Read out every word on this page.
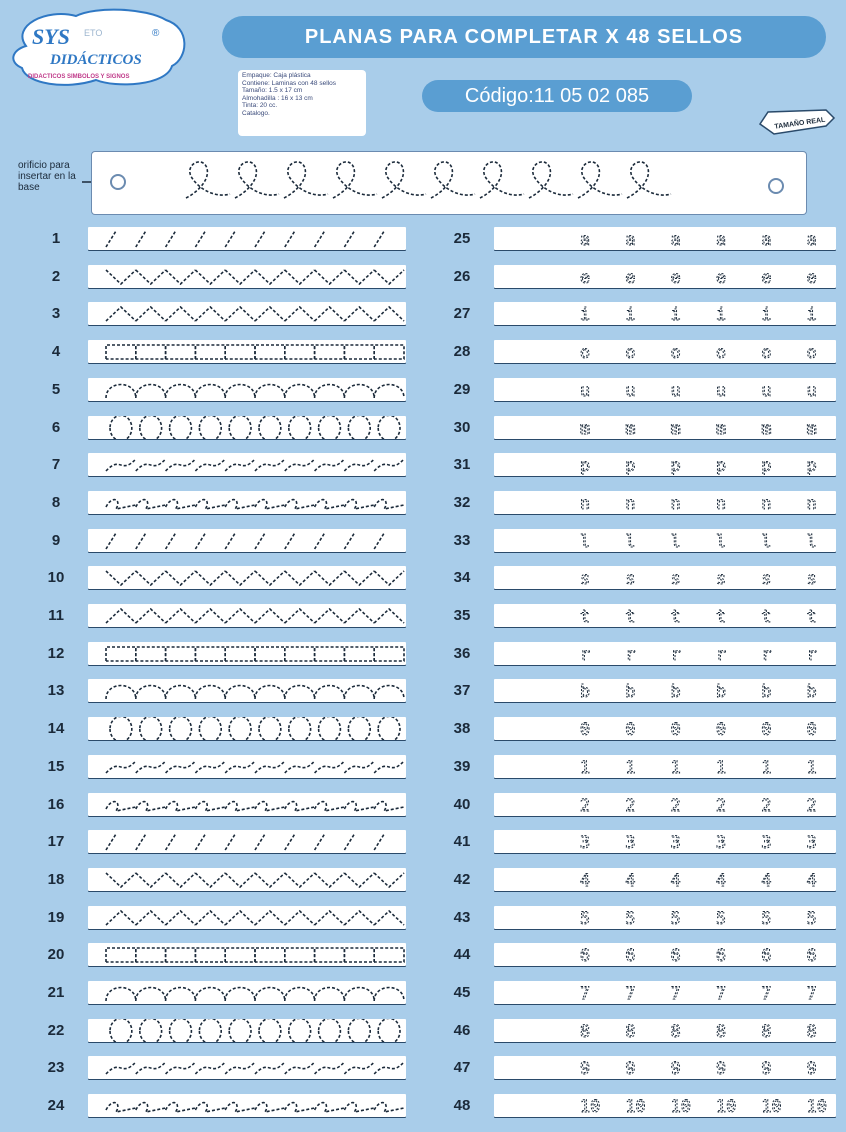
SYS ETO	®
DIDÁCTICOS
DIDACTICOS SIMBOLOS Y SIGNOS
PLANAS PARA COMPLETAR X 48 SELLOS
Empaque: Caja plástica
Contiene: Laminas con 48 sellos
Tamaño: 1.5 x 17 cm
Almohadilla : 16 x 13 cm
Tinta: 20 cc.
Catalogo.
Código:11 05 02 085
TAMAÑO REAL
orificio para insertar en la base
1
2
3
4
5
6
7
8
9
10
11
12
13
14
15
16
17
18
19
20
21
22
23
24
25	a a a a a a
26	e e e e e e
27	i i i i i i
28	o o o o o o
29	u u u u u u
30	m m m m m m
31	p p p p p p
32	n n n n n n
33	l l l l l l
34	s s s s s s
35	t t t t t t
36	r r r r r r
37	b b b b b b
38	0 0 0 0 0 0
39	1 1 1 1 1 1
40	2 2 2 2 2 2
41	3 3 3 3 3 3
42	4 4 4 4 4 4
43	5 5 5 5 5 5
44	6 6 6 6 6 6
45	7 7 7 7 7 7
46	8 8 8 8 8 8
47	9 9 9 9 9 9
48	10 10 10 10 10 10
